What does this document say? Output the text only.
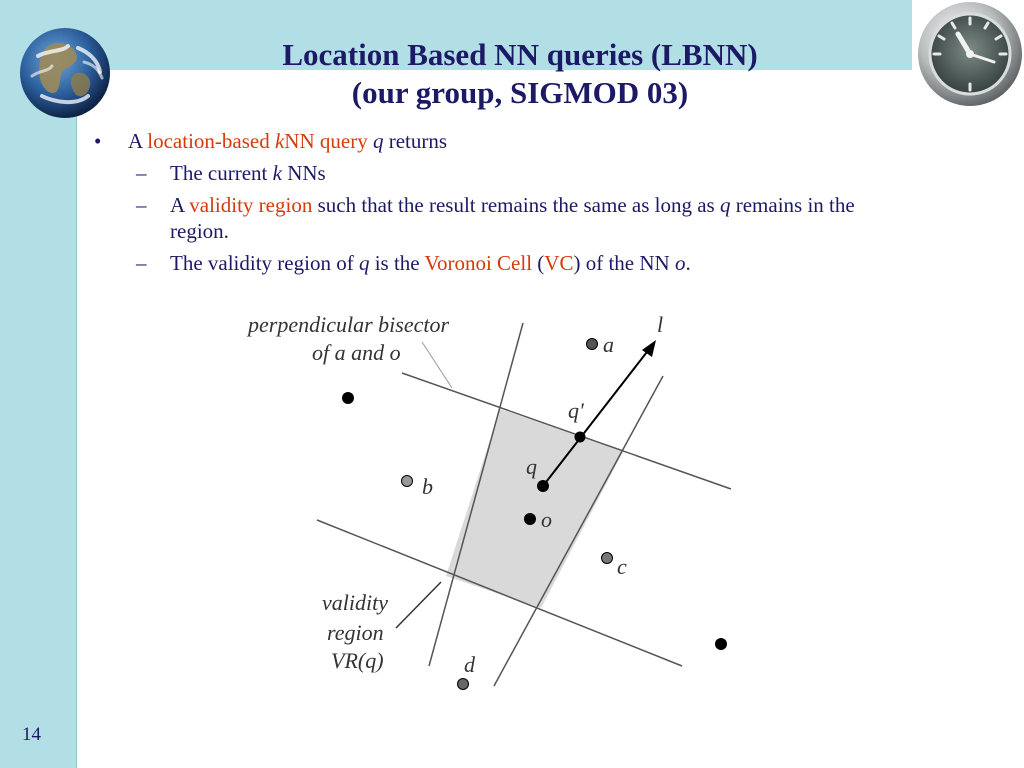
Location Based NN queries (LBNN)
(our group, SIGMOD 03)
• A location-based kNN query q returns
– The current k NNs
– A validity region such that the result remains the same as long as q remains in the region.
– The validity region of q is the Voronoi Cell (VC) of the NN o.
perpendicular bisector
of a and o
validity
region
VR(q)
a
b
c
d
o
q
q'
l
14
